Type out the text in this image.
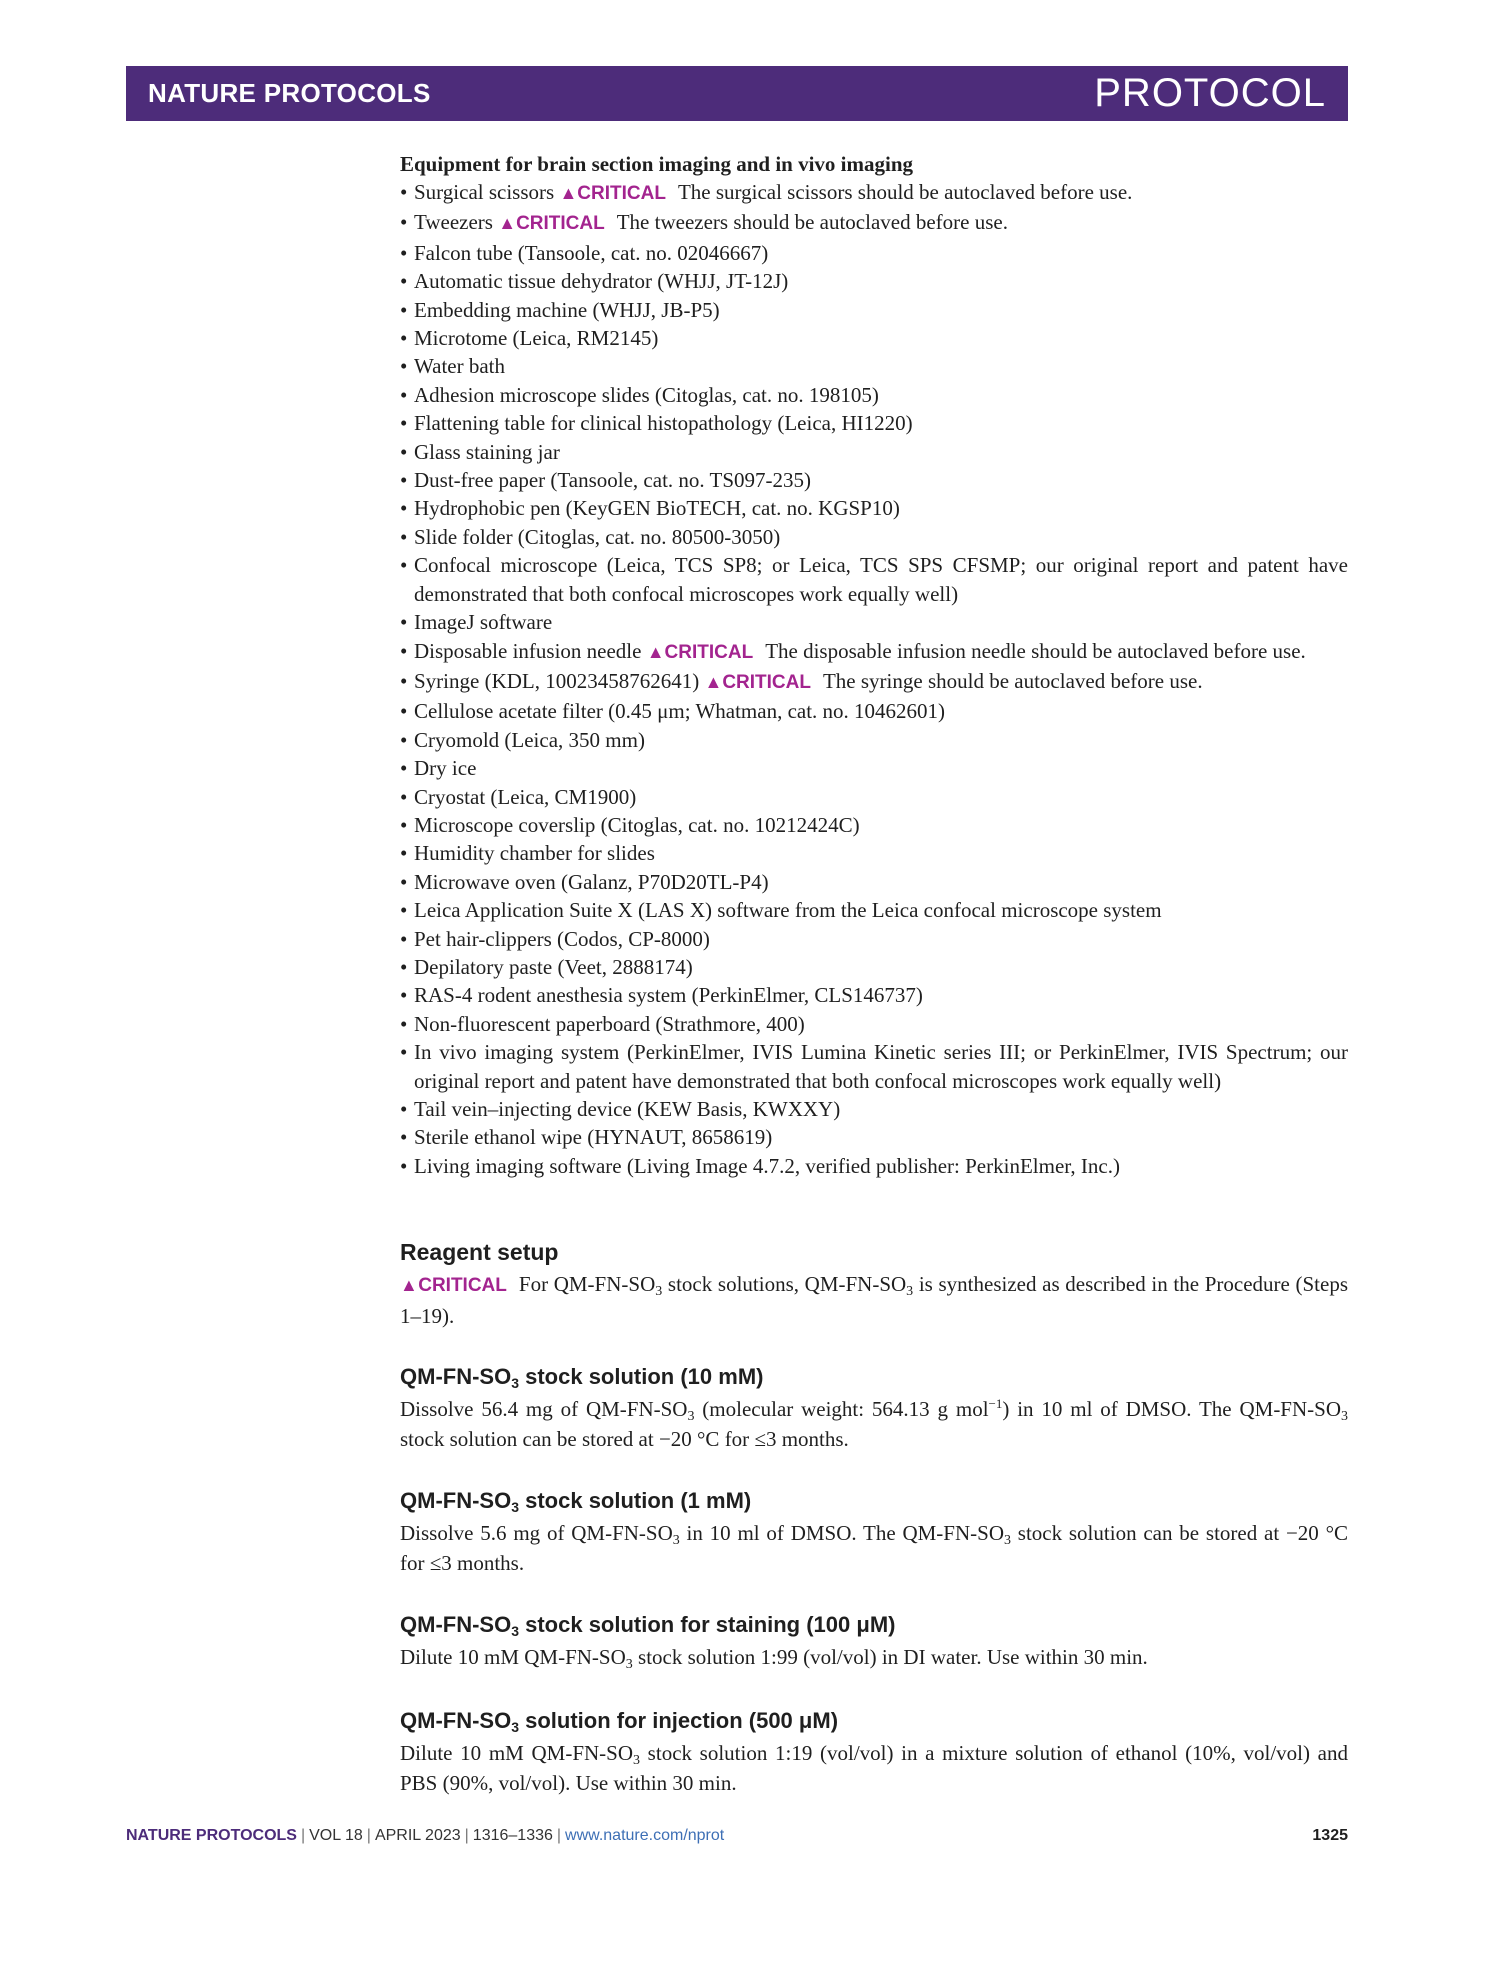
NATURE PROTOCOLS	PROTOCOL

Equipment for brain section imaging and in vivo imaging

• Surgical scissors ▲CRITICAL The surgical scissors should be autoclaved before use.
• Tweezers ▲CRITICAL The tweezers should be autoclaved before use.
• Falcon tube (Tansoole, cat. no. 02046667)
• Automatic tissue dehydrator (WHJJ, JT-12J)
• Embedding machine (WHJJ, JB-P5)
• Microtome (Leica, RM2145)
• Water bath
• Adhesion microscope slides (Citoglas, cat. no. 198105)
• Flattening table for clinical histopathology (Leica, HI1220)
• Glass staining jar
• Dust-free paper (Tansoole, cat. no. TS097-235)
• Hydrophobic pen (KeyGEN BioTECH, cat. no. KGSP10)
• Slide folder (Citoglas, cat. no. 80500-3050)
• Confocal microscope (Leica, TCS SP8; or Leica, TCS SPS CFSMP; our original report and patent have demonstrated that both confocal microscopes work equally well)
• ImageJ software
• Disposable infusion needle ▲CRITICAL The disposable infusion needle should be autoclaved before use.
• Syringe (KDL, 10023458762641) ▲CRITICAL The syringe should be autoclaved before use.
• Cellulose acetate filter (0.45 μm; Whatman, cat. no. 10462601)
• Cryomold (Leica, 350 mm)
• Dry ice
• Cryostat (Leica, CM1900)
• Microscope coverslip (Citoglas, cat. no. 10212424C)
• Humidity chamber for slides
• Microwave oven (Galanz, P70D20TL-P4)
• Leica Application Suite X (LAS X) software from the Leica confocal microscope system
• Pet hair-clippers (Codos, CP-8000)
• Depilatory paste (Veet, 2888174)
• RAS-4 rodent anesthesia system (PerkinElmer, CLS146737)
• Non-fluorescent paperboard (Strathmore, 400)
• In vivo imaging system (PerkinElmer, IVIS Lumina Kinetic series III; or PerkinElmer, IVIS Spectrum; our original report and patent have demonstrated that both confocal microscopes work equally well)
• Tail vein–injecting device (KEW Basis, KWXXY)
• Sterile ethanol wipe (HYNAUT, 8658619)
• Living imaging software (Living Image 4.7.2, verified publisher: PerkinElmer, Inc.)

Reagent setup

▲CRITICAL For $QM-FN-SO_3$ stock solutions, $QM-FN-SO_3$ is synthesized as described in the Procedure (Steps 1–19).

$QM-FN-SO_3$ stock solution (10 mM)

Dissolve 56.4 mg of $QM-FN-SO_3$ (molecular weight: 564.13 g mol$^{-1}$) in 10 ml of DMSO. The $QM-FN-SO_3$ stock solution can be stored at −20 °C for ≤3 months.

$QM-FN-SO_3$ stock solution (1 mM)

Dissolve 5.6 mg of $QM-FN-SO_3$ in 10 ml of DMSO. The $QM-FN-SO_3$ stock solution can be stored at −20 °C for ≤3 months.

$QM-FN-SO_3$ stock solution for staining (100 μM)

Dilute 10 mM $QM-FN-SO_3$ stock solution 1:99 (vol/vol) in DI water. Use within 30 min.

$QM-FN-SO_3$ solution for injection (500 μM)

Dilute 10 mM $QM-FN-SO_3$ stock solution 1:19 (vol/vol) in a mixture solution of ethanol (10%, vol/vol) and PBS (90%, vol/vol). Use within 30 min.

NATURE PROTOCOLS | VOL 18 | APRIL 2023 | 1316–1336 | www.nature.com/nprot	1325
